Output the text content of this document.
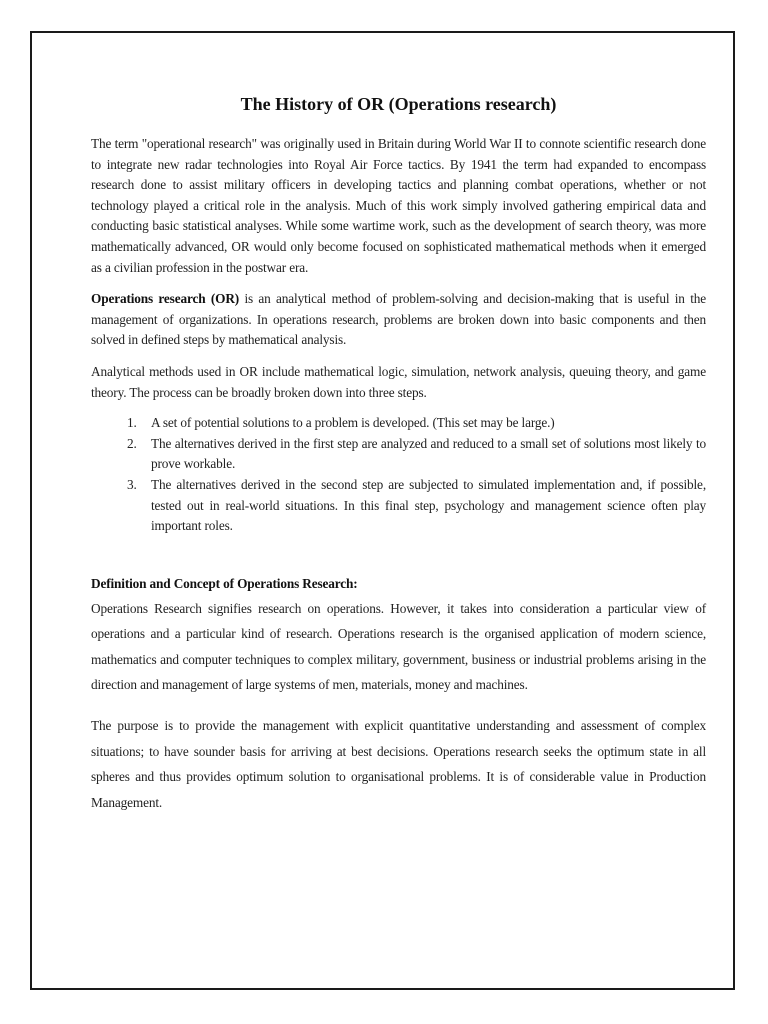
The History of OR (Operations research)

The term "operational research" was originally used in Britain during World War II to connote scientific research done to integrate new radar technologies into Royal Air Force tactics. By 1941 the term had expanded to encompass research done to assist military officers in developing tactics and planning combat operations, whether or not technology played a critical role in the analysis. Much of this work simply involved gathering empirical data and conducting basic statistical analyses. While some wartime work, such as the development of search theory, was more mathematically advanced, OR would only become focused on sophisticated mathematical methods when it emerged as a civilian profession in the postwar era.

Operations research (OR) is an analytical method of problem-solving and decision-making that is useful in the management of organizations. In operations research, problems are broken down into basic components and then solved in defined steps by mathematical analysis.

Analytical methods used in OR include mathematical logic, simulation, network analysis, queuing theory, and game theory. The process can be broadly broken down into three steps.

1. A set of potential solutions to a problem is developed. (This set may be large.)
2. The alternatives derived in the first step are analyzed and reduced to a small set of solutions most likely to prove workable.
3. The alternatives derived in the second step are subjected to simulated implementation and, if possible, tested out in real-world situations. In this final step, psychology and management science often play important roles.
Definition and Concept of Operations Research:

Operations Research signifies research on operations. However, it takes into consideration a particular view of operations and a particular kind of research. Operations research is the organised application of modern science, mathematics and computer techniques to complex military, government, business or industrial problems arising in the direction and management of large systems of men, materials, money and machines.

The purpose is to provide the management with explicit quantitative understanding and assessment of complex situations; to have sounder basis for arriving at best decisions. Operations research seeks the optimum state in all spheres and thus provides optimum solution to organisational problems. It is of considerable value in Production Management.
